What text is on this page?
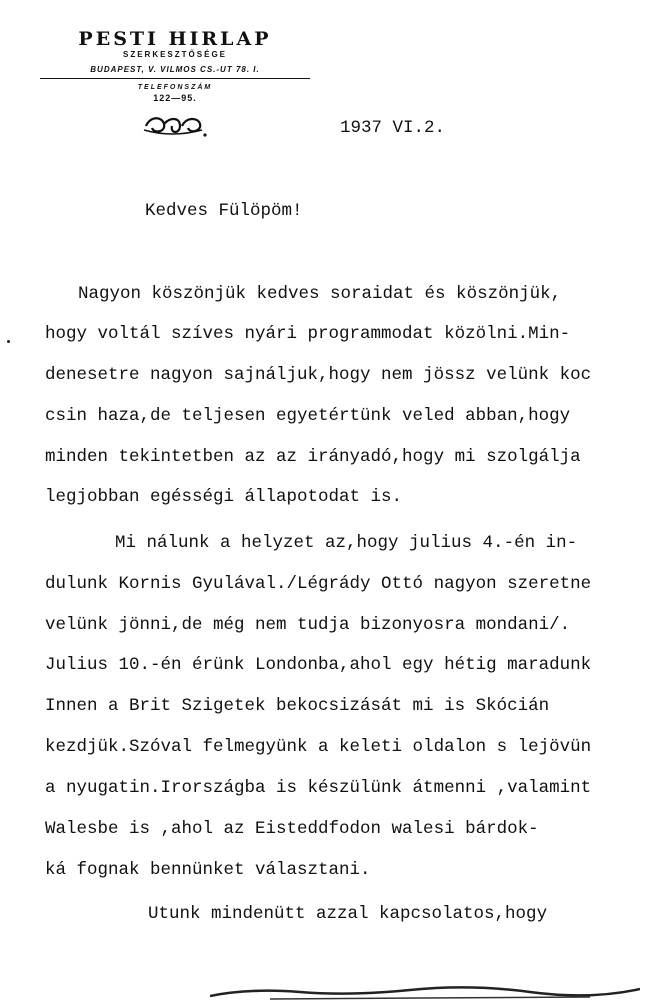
PESTI HIRLAP
SZERKESZTŐSÉGE
BUDAPEST, V. VILMOS CS.-UT 78. I.
TELEFONSZÁM
122—95.
1937 VI.2.
Kedves Fülöpöm!
Nagyon köszönjük kedves soraidat és köszönjük,
hogy voltál szíves nyári programmodat közölni.Min-
denesetre nagyon sajnáljuk,hogy nem jössz velünk koc
csin haza,de teljesen egyetértünk veled abban,hogy
minden tekintetben az az irányadó,hogy mi szolgálja
legjobban egésségi állapotodat is.
Mi nálunk a helyzet az,hogy julius 4.-én in-
dulunk Kornis Gyulával./Légrády Ottó nagyon szeretne
velünk jönni,de még nem tudja bizonyosra mondani/.
Julius 10.-én érünk Londonba,ahol egy hétig maradunk
Innen a Brit Szigetek bekocsizását mi is Skócián
kezdjük.Szóval felmegyünk a keleti oldalon s lejövün
a nyugatin.Irországba is készülünk átmenni ,valamint
Walesbe is ,ahol az Eisteddfodon walesi bárdok-
ká fognak bennünket választani.
Utunk mindenütt azzal kapcsolatos,hogy
